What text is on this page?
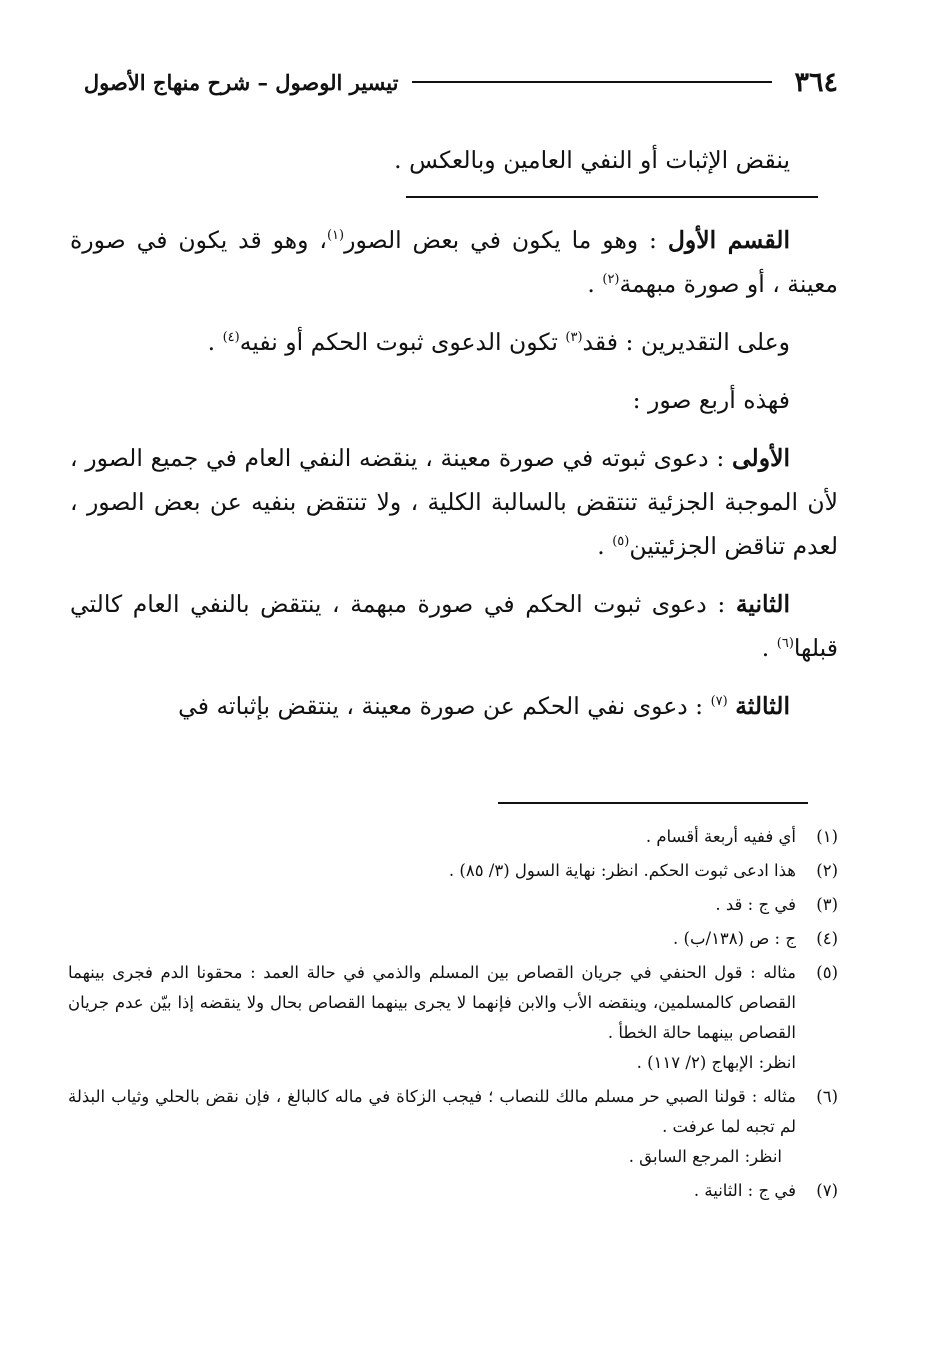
٣٦٤
تيسير الوصول – شرح منهاج الأصول

ينقض الإثبات أو النفي العامين وبالعكس .

القسم الأول : وهو ما يكون في بعض الصور$^{(١)}$، وهو قد يكون في صورة معينة ، أو صورة مبهمة$^{(٢)}$ .

وعلى التقديرين : فقد$^{(٣)}$ تكون الدعوى ثبوت الحكم أو نفيه$^{(٤)}$ .

فهذه أربع صور :

الأولى : دعوى ثبوته في صورة معينة ، ينقضه النفي العام في جميع الصور ، لأن الموجبة الجزئية تنتقض بالسالبة الكلية ، ولا تنتقض بنفيه عن بعض الصور ، لعدم تناقض الجزئيتين$^{(٥)}$ .

الثانية : دعوى ثبوت الحكم في صورة مبهمة ، ينتقض بالنفي العام كالتي قبلها$^{(٦)}$ .

الثالثة $^{(٧)}$ : دعوى نفي الحكم عن صورة معينة ، ينتقض بإثباته في

(١)
أي ففيه أربعة أقسام .
(٢)
هذا ادعى ثبوت الحكم. انظر: نهاية السول (٣/ ٨٥) .
(٣)
في ج : قد .
(٤)
ج : ص (١٣٨/ب) .
(٥)
مثاله : قول الحنفي في جريان القصاص بين المسلم والذمي في حالة العمد : محقونا الدم فجرى بينهما القصاص كالمسلمين، وينقضه الأب والابن فإنهما لا يجرى بينهما القصاص بحال ولا ينقضه إذا بيّن عدم جريان القصاص بينهما حالة الخطأ .
انظر: الإبهاج (٢/ ١١٧) .
(٦)
مثاله : قولنا الصبي حر مسلم مالك للنصاب ؛ فيجب الزكاة في ماله كالبالغ ، فإن نقض بالحلي وثياب البذلة لم تجبه لما عرفت .
انظر: المرجع السابق .
(٧)
في ج : الثانية .
